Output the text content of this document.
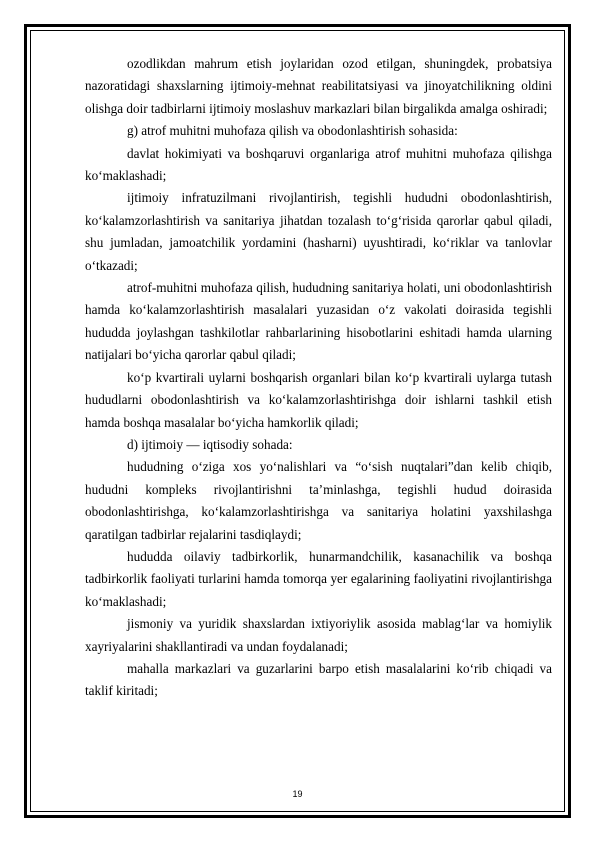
ozodlikdan mahrum etish joylaridan ozod etilgan, shuningdek, probatsiya nazoratidagi shaxslarning ijtimoiy-mehnat reabilitatsiyasi va jinoyatchilikning oldini olishga doir tadbirlarni ijtimoiy moslashuv markazlari bilan birgalikda amalga oshiradi;

g) atrof muhitni muhofaza qilish va obodonlashtirish sohasida:

davlat hokimiyati va boshqaruvi organlariga atrof muhitni muhofaza qilishga ko‘maklashadi;

ijtimoiy infratuzilmani rivojlantirish, tegishli hududni obodonlashtirish, ko‘kalamzorlashtirish va sanitariya jihatdan tozalash to‘g‘risida qarorlar qabul qiladi, shu jumladan, jamoatchilik yordamini (hasharni) uyushtiradi, ko‘riklar va tanlovlar o‘tkazadi;

atrof-muhitni muhofaza qilish, hududning sanitariya holati, uni obodonlashtirish hamda ko‘kalamzorlashtirish masalalari yuzasidan o‘z vakolati doirasida tegishli hududda joylashgan tashkilotlar rahbarlarining hisobotlarini eshitadi hamda ularning natijalari bo‘yicha qarorlar qabul qiladi;

ko‘p kvartirali uylarni boshqarish organlari bilan ko‘p kvartirali uylarga tutash hududlarni obodonlashtirish va ko‘kalamzorlashtirishga doir ishlarni tashkil etish hamda boshqa masalalar bo‘yicha hamkorlik qiladi;

d) ijtimoiy — iqtisodiy sohada:

hududning o‘ziga xos yo‘nalishlari va “o‘sish nuqtalari”dan kelib chiqib, hududni kompleks rivojlantirishni ta’minlashga, tegishli hudud doirasida obodonlashtirishga, ko‘kalamzorlashtirishga va sanitariya holatini yaxshilashga qaratilgan tadbirlar rejalarini tasdiqlaydi;

hududda oilaviy tadbirkorlik, hunarmandchilik, kasanachilik va boshqa tadbirkorlik faoliyati turlarini hamda tomorqa yer egalarining faoliyatini rivojlantirishga ko‘maklashadi;

jismoniy va yuridik shaxslardan ixtiyoriylik asosida mablag‘lar va homiylik xayriyalarini shakllantiradi va undan foydalanadi;

mahalla markazlari va guzarlarini barpo etish masalalarini ko‘rib chiqadi va taklif kiritadi;

19
